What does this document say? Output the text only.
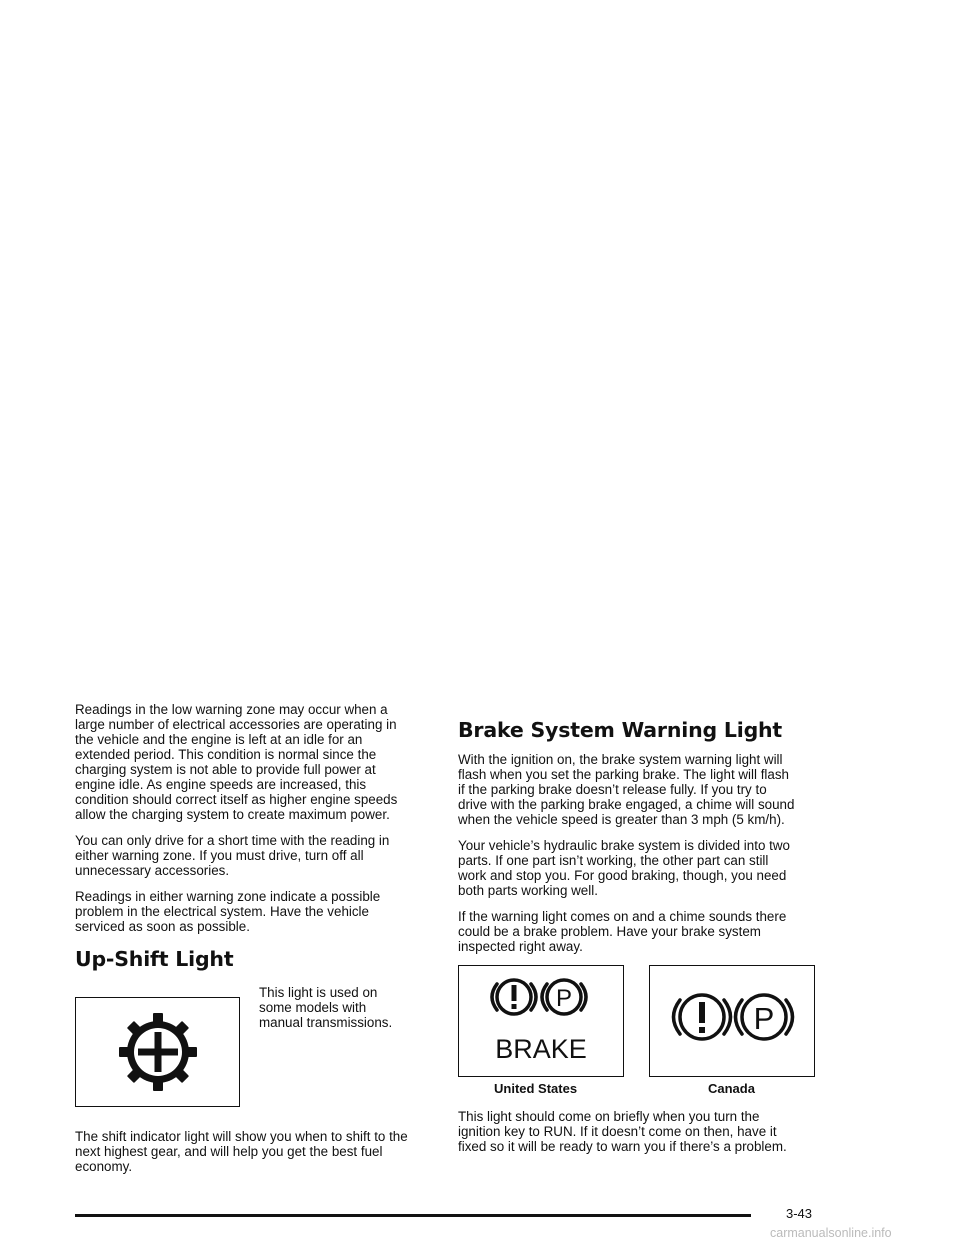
Readings in the low warning zone may occur when a large number of electrical accessories are operating in the vehicle and the engine is left at an idle for an extended period. This condition is normal since the charging system is not able to provide full power at engine idle. As engine speeds are increased, this condition should correct itself as higher engine speeds allow the charging system to create maximum power.

You can only drive for a short time with the reading in either warning zone. If you must drive, turn off all unnecessary accessories.

Readings in either warning zone indicate a possible problem in the electrical system. Have the vehicle serviced as soon as possible.

Up-Shift Light
This light is used on some models with manual transmissions.

The shift indicator light will show you when to shift to the next highest gear, and will help you get the best fuel economy.

Brake System Warning Light

With the ignition on, the brake system warning light will flash when you set the parking brake. The light will flash if the parking brake doesn’t release fully. If you try to drive with the parking brake engaged, a chime will sound when the vehicle speed is greater than 3 mph (5 km/h).

Your vehicle’s hydraulic brake system is divided into two parts. If one part isn’t working, the other part can still work and stop you. For good braking, though, you need both parts working well.

If the warning light comes on and a chime sounds there could be a brake problem. Have your brake system inspected right away.

P
BRAKE
P
United States	Canada

This light should come on briefly when you turn the ignition key to RUN. If it doesn’t come on then, have it fixed so it will be ready to warn you if there’s a problem.

3-43
carmanualsonline.info
